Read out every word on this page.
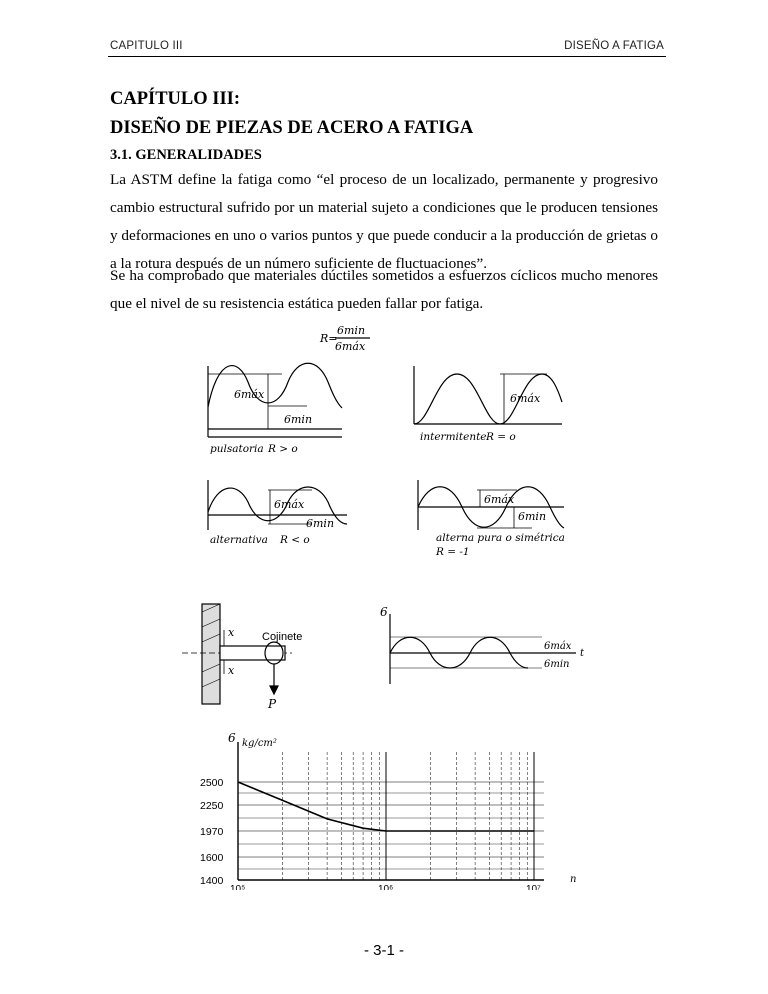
CAPITULO III	DISEÑO A FATIGA
CAPÍTULO III:
DISEÑO DE PIEZAS DE ACERO A FATIGA
3.1. GENERALIDADES
La ASTM define la fatiga como “el proceso de un localizado, permanente y progresivo cambio estructural sufrido por un material sujeto a condiciones que le producen tensiones y deformaciones en uno o varios puntos y que puede conducir a la producción de grietas o a la rotura después de un número suficiente de fluctuaciones”.
Se ha comprobado que materiales dúctiles sometidos a esfuerzos cíclicos mucho menores que el nivel de su resistencia estática pueden fallar por fatiga.
R=
6min
6máx
6máx
6min
pulsatoria R > o
6máx
intermitente R = o
6máx
6min
alternativa R < o
6máx
6min
alterna pura o simétrica
R = -1
x
x
Cojinete
P
6
t
6máx
6min
6 kg/cm²
n
2500
2250
1970
1600
1400
10⁵	10⁶	10⁷
- 3-1 -
